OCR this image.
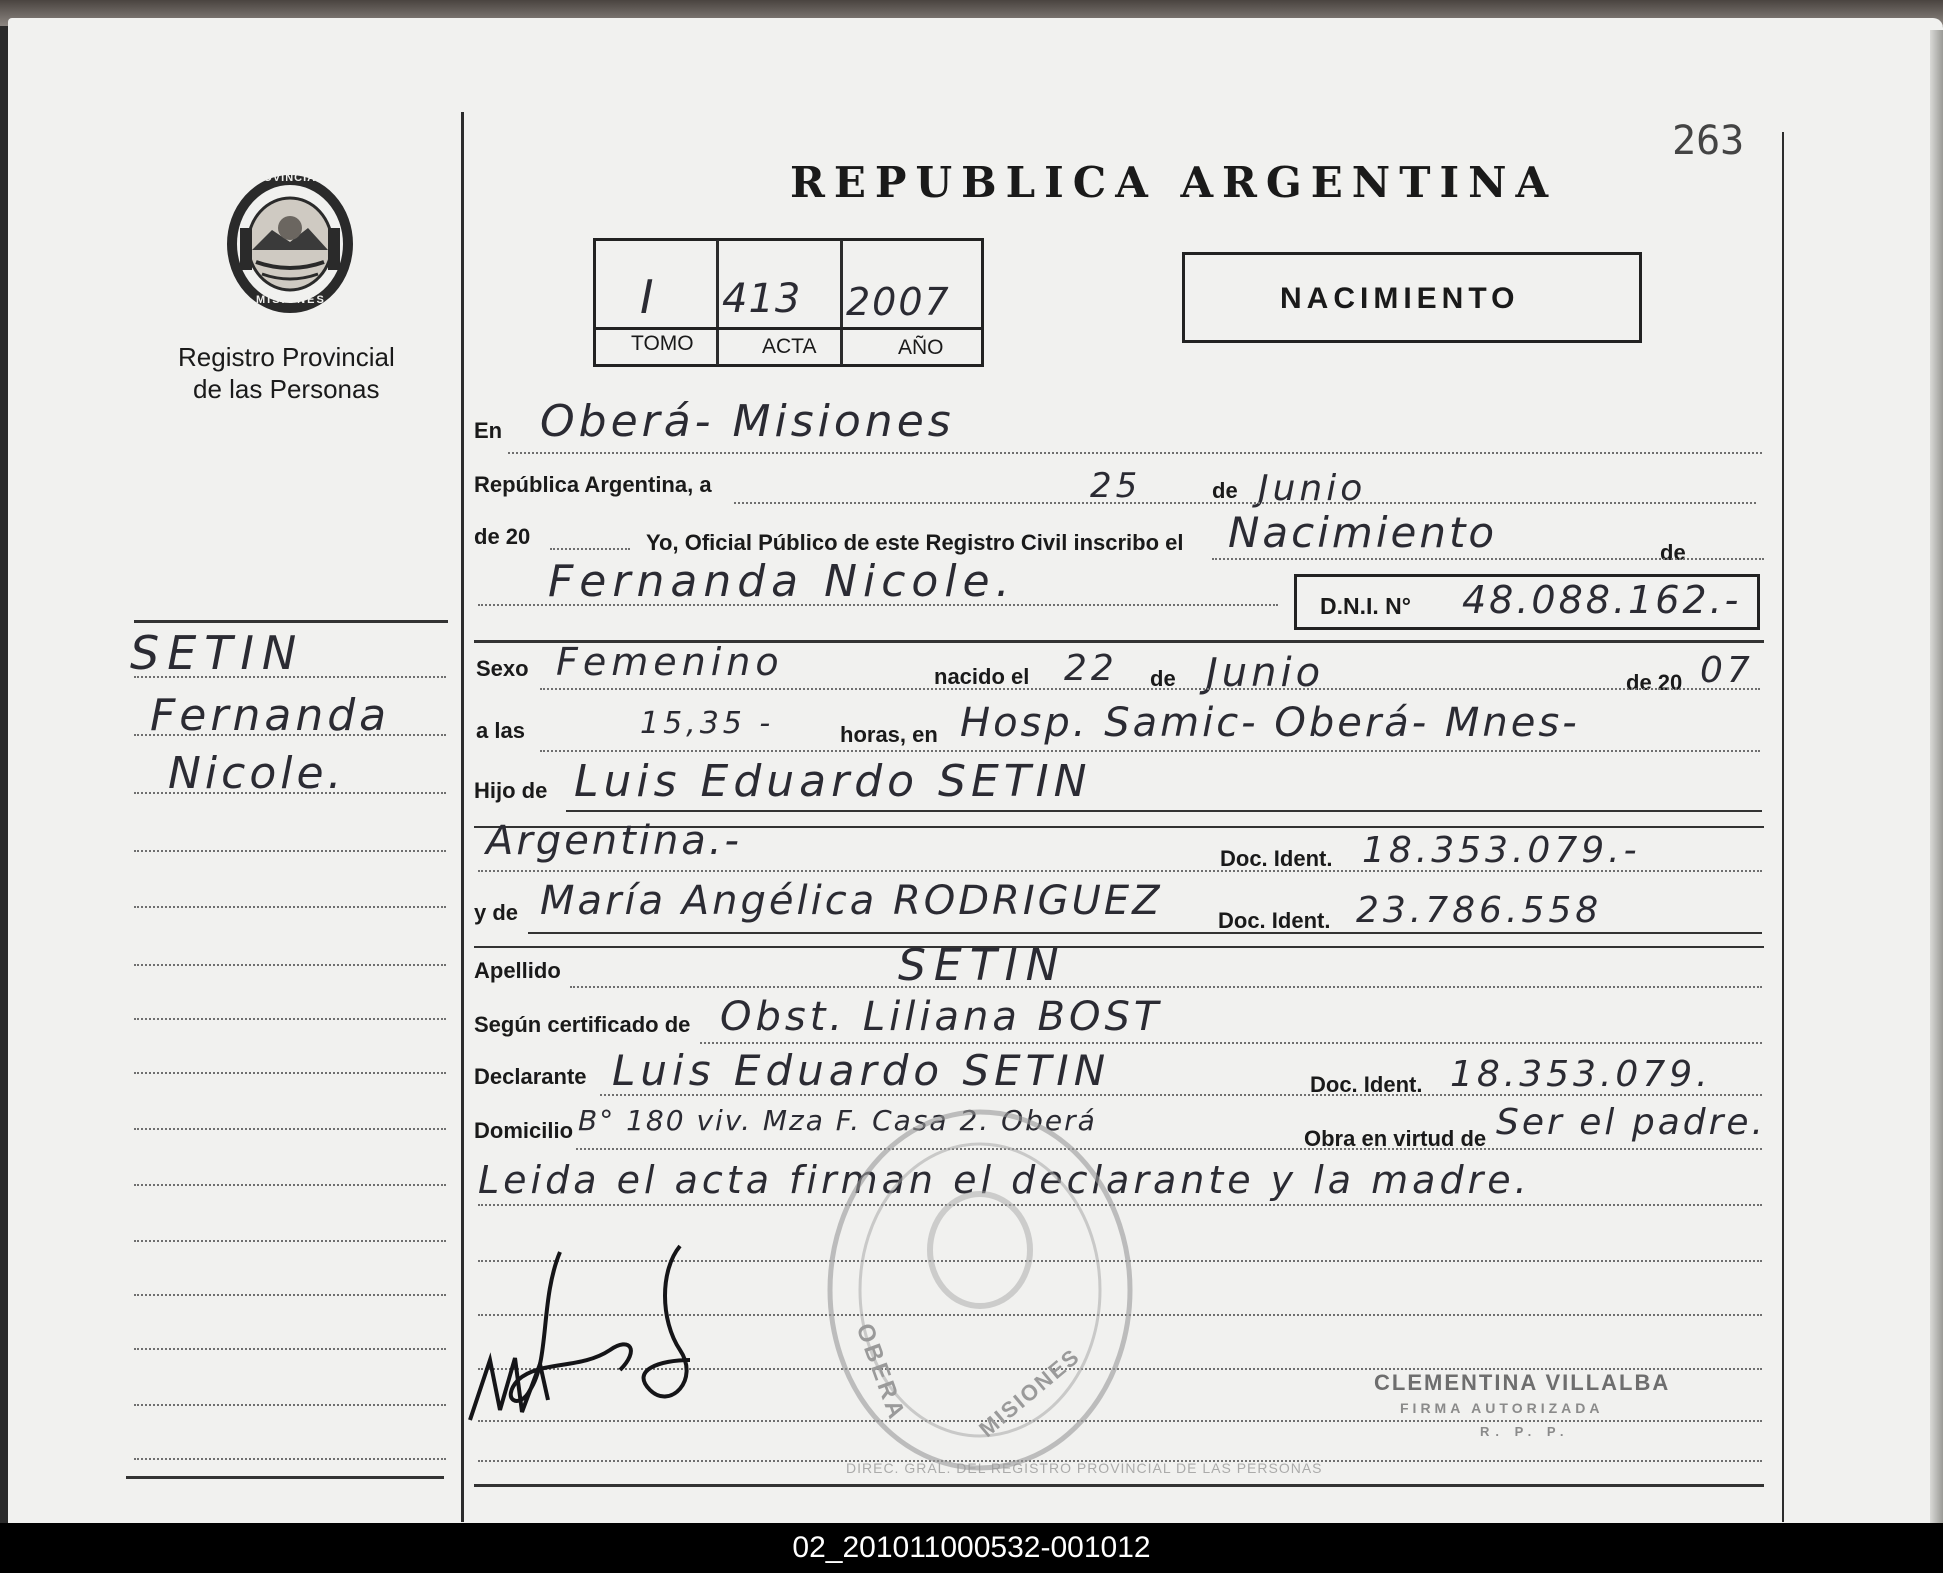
263
PROVINCIA DE
MISIONES
Registro Provincial
de las Personas
REPUBLICA ARGENTINA
I 413 2007
TOMO	ACTA	AÑO
NACIMIENTO
SETIN
Fernanda
Nicole.
En Oberá- Misiones
República Argentina, a	25	de Junio
de 20	Yo, Oficial Público de este Registro Civil inscribo el Nacimiento	de
Fernanda Nicole.	D.N.I. N° 48.088.162.-
Sexo Femenino	nacido el 22 de Junio	de 20 07
a las	15,35 -	horas, en Hosp. Samic- Oberá- Mnes-
Hijo de Luis Eduardo SETIN
Argentina.-	Doc. Ident. 18.353.079.-
y de María Angélica RODRIGUEZ	Doc. Ident. 23.786.558
Apellido	SETIN
Según certificado de Obst. Liliana BOST
Declarante Luis Eduardo SETIN	Doc. Ident. 18.353.079.
Domicilio B° 180 viv. Mza F. Casa 2. Oberá
Obra en virtud de Ser el padre.
Leida el acta firman el declarante y la madre.
OBERA	MISIONES
DIREC. GRAL. DEL REGISTRO PROVINCIAL DE LAS PERSONAS
CLEMENTINA VILLALBA
FIRMA AUTORIZADA
R. P. P.
02_201011000532-001012
